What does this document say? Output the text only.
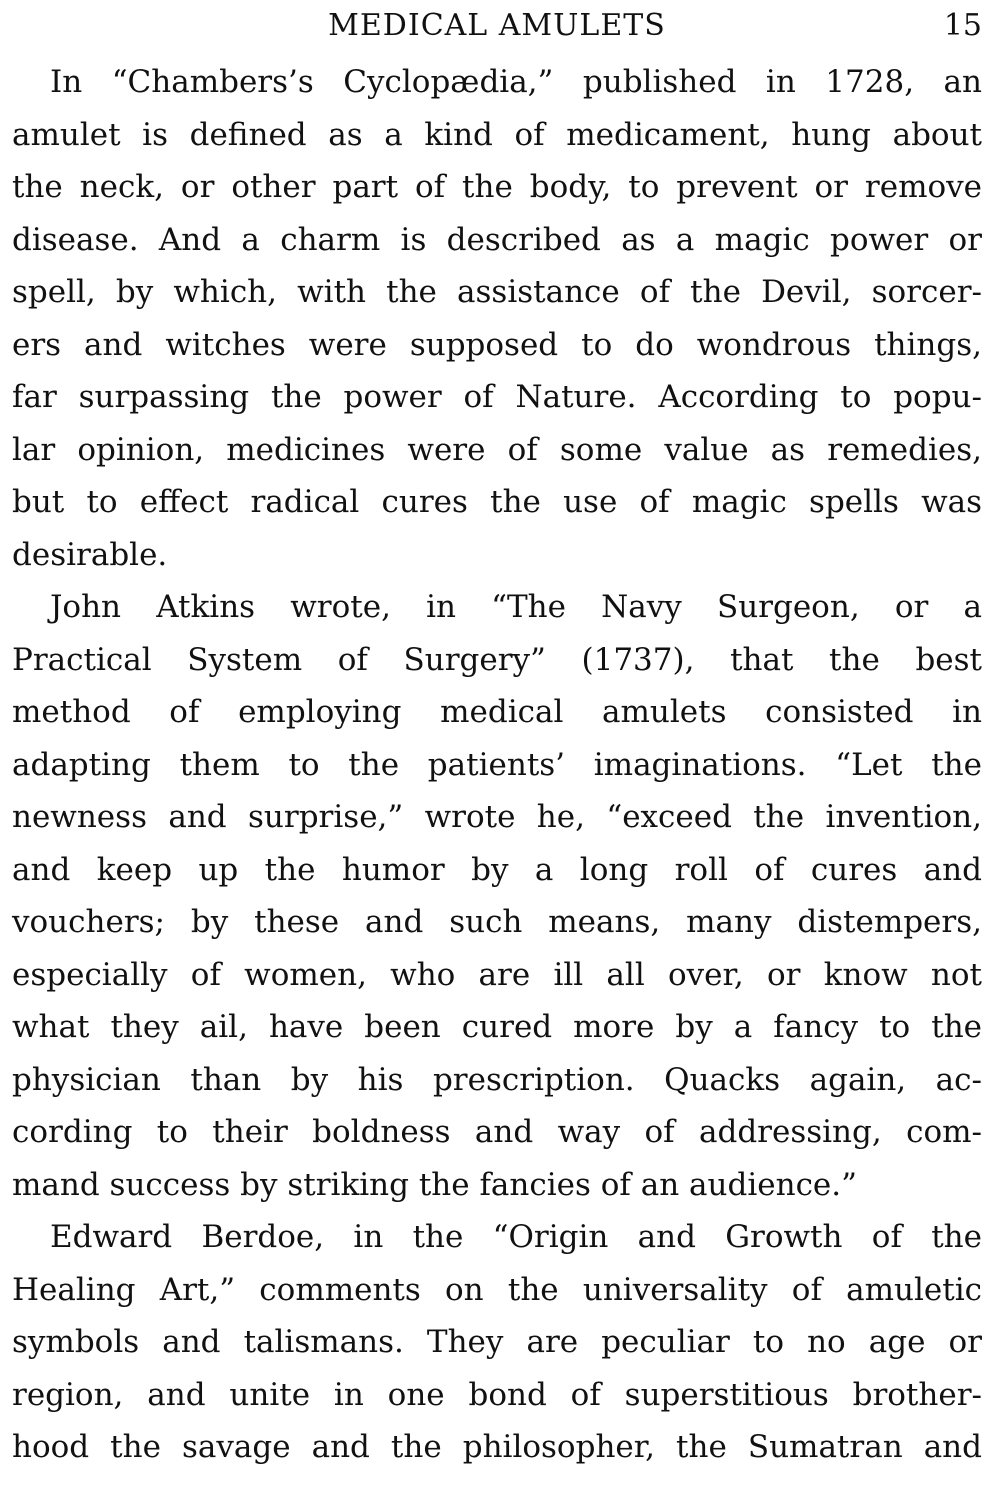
MEDICAL AMULETS	15
In “Chambers’s Cyclopædia,” published in 1728, an
amulet is defined as a kind of medicament, hung about
the neck, or other part of the body, to prevent or remove
disease. And a charm is described as a magic power or
spell, by which, with the assistance of the Devil, sorcer-
ers and witches were supposed to do wondrous things,
far surpassing the power of Nature. According to popu-
lar opinion, medicines were of some value as remedies,
but to effect radical cures the use of magic spells was
desirable.
John Atkins wrote, in “The Navy Surgeon, or a
Practical System of Surgery” (1737), that the best
method of employing medical amulets consisted in
adapting them to the patients’ imaginations. “Let the
newness and surprise,” wrote he, “exceed the invention,
and keep up the humor by a long roll of cures and
vouchers; by these and such means, many distempers,
especially of women, who are ill all over, or know not
what they ail, have been cured more by a fancy to the
physician than by his prescription. Quacks again, ac-
cording to their boldness and way of addressing, com-
mand success by striking the fancies of an audience.”
Edward Berdoe, in the “Origin and Growth of the
Healing Art,” comments on the universality of amuletic
symbols and talismans. They are peculiar to no age or
region, and unite in one bond of superstitious brother-
hood the savage and the philosopher, the Sumatran and
